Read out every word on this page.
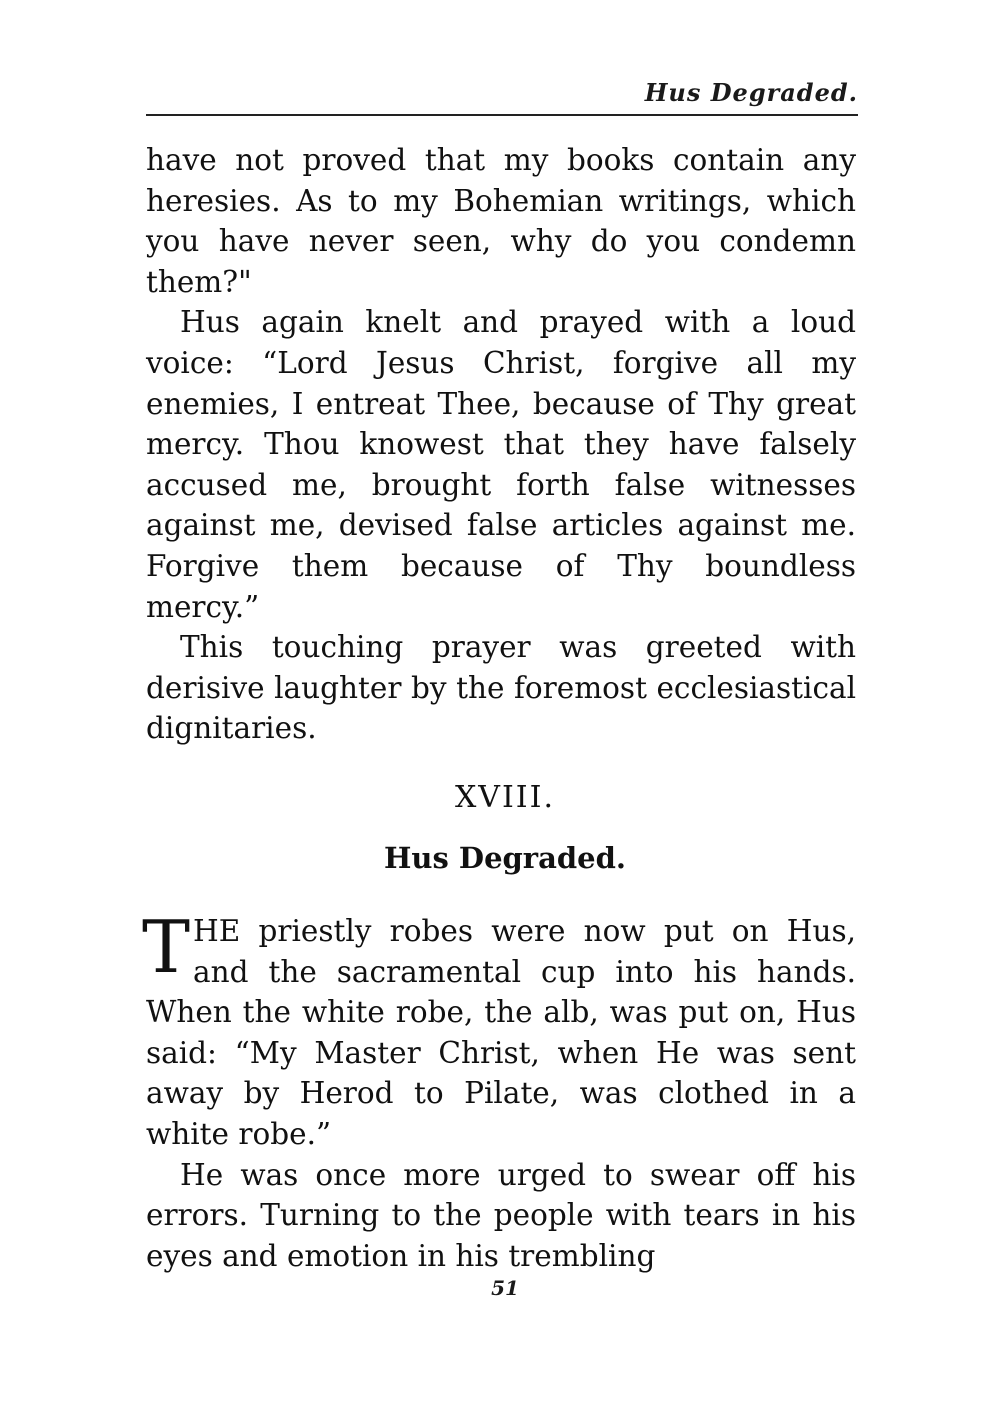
Hus Degraded.

have not proved that my books contain any heresies. As to my Bohemian writings, which you have never seen, why do you condemn them?"

Hus again knelt and prayed with a loud voice: “Lord Jesus Christ, forgive all my enemies, I entreat Thee, because of Thy great mercy. Thou knowest that they have falsely accused me, brought forth false witnesses against me, devised false articles against me. Forgive them because of Thy boundless mercy.”

This touching prayer was greeted with derisive laughter by the foremost ecclesiastical dignitaries.

XVIII.
Hus Degraded.

THE priestly robes were now put on Hus, and the sacramental cup into his hands. When the white robe, the alb, was put on, Hus said: “My Master Christ, when He was sent away by Herod to Pilate, was clothed in a white robe.”

He was once more urged to swear off his errors. Turning to the people with tears in his eyes and emotion in his trembling

51
